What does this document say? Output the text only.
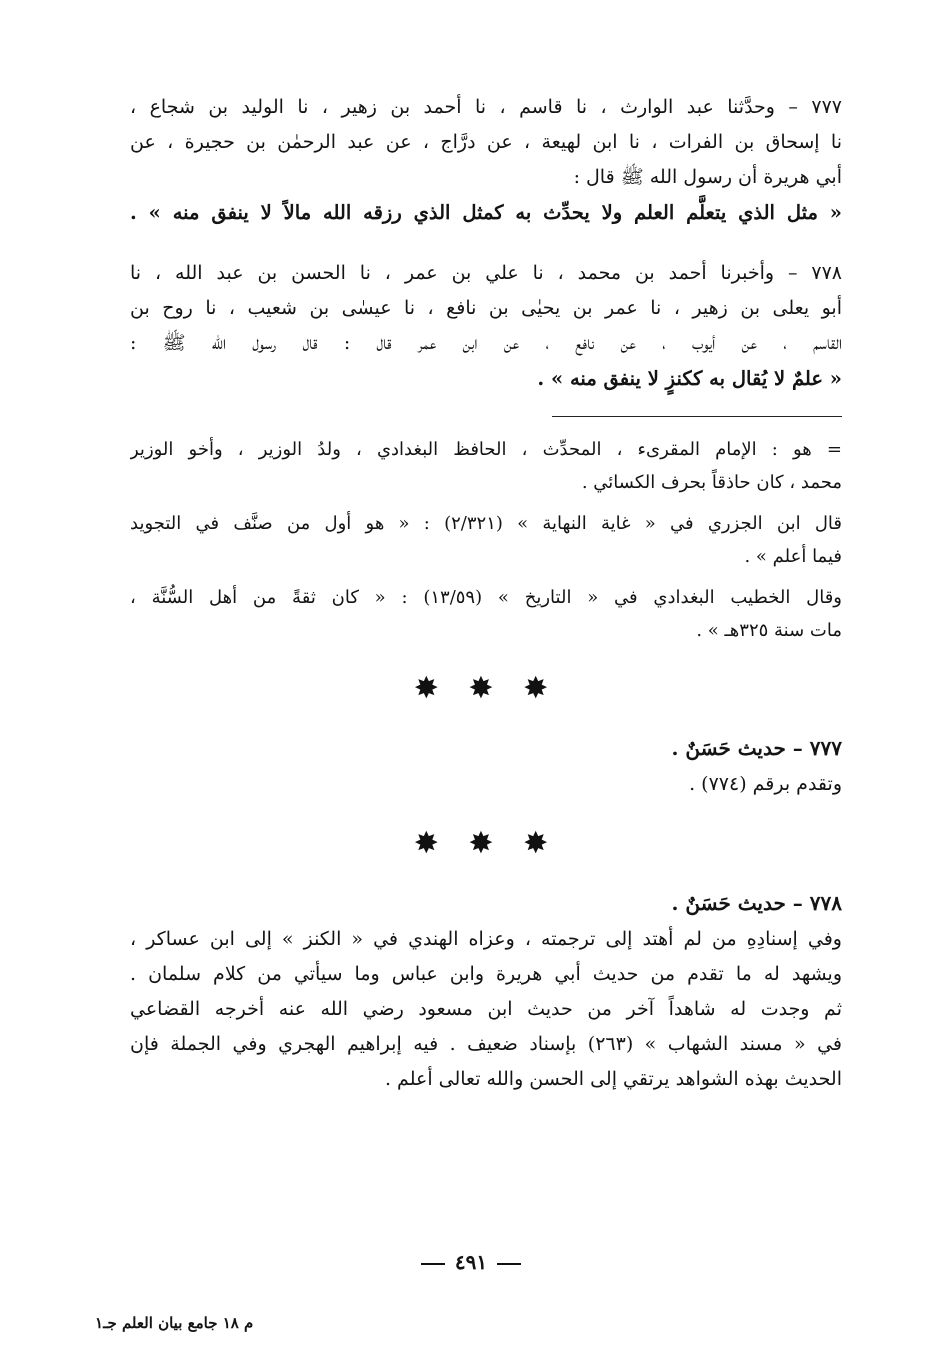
٧٧٧ – وحدَّثنا عبد الوارث ، نا قاسم ، نا أحمد بن زهير ، نا الوليد بن شجاع ،
نا إسحاق بن الفرات ، نا ابن لهيعة ، عن درَّاج ، عن عبد الرحمٰن بن حجيرة ، عن
أبي هريرة أن رسول الله ﷺ قال :
« مثل الذي يتعلَّم العلم ولا يحدِّث به كمثل الذي رزقه الله مالاً لا ينفق منه » .
٧٧٨ – وأخبرنا أحمد بن محمد ، نا علي بن عمر ، نا الحسن بن عبد الله ، نا
أبو يعلى بن زهير ، نا عمر بن يحيٰى بن نافع ، نا عيسٰى بن شعيب ، نا روح بن
القاسم ، عن أيوب ، عن نافع ، عن ابن عمر قال : قال رسول الله ﷺ :
« علمٌ لا يُقال به ككنزٍ لا ينفق منه » .
= هو : الإمام المقرىء ، المحدِّث ، الحافظ البغدادي ، ولدُ الوزير ، وأخو الوزير
محمد ، كان حاذقاً بحرف الكسائي .
قال ابن الجزري في « غاية النهاية » (٢/٣٢١) : « هو أول من صنَّف في التجويد
فيما أعلم » .
وقال الخطيب البغدادي في « التاريخ » (١٣/٥٩) : « كان ثقةً من أهل السُّنَّة ،
مات سنة ٣٢٥هـ » .
✸ ✸ ✸
٧٧٧ – حديث حَسَنٌ .
وتقدم برقم (٧٧٤) .
✸ ✸ ✸
٧٧٨ – حديث حَسَنٌ .
وفي إسنادِهِ من لم أهتد إلى ترجمته ، وعزاه الهندي في « الكنز » إلى ابن عساكر ،
ويشهد له ما تقدم من حديث أبي هريرة وابن عباس وما سيأتي من كلام سلمان .
ثم وجدت له شاهداً آخر من حديث ابن مسعود رضي الله عنه أخرجه القضاعي
في « مسند الشهاب » (٢٦٣) بإسناد ضعيف . فيه إبراهيم الهجري وفي الجملة فإن
الحديث بهذه الشواهد يرتقي إلى الحسن والله تعالى أعلم .
٤٩١
م ١٨ جامع بيان العلم جـ١
